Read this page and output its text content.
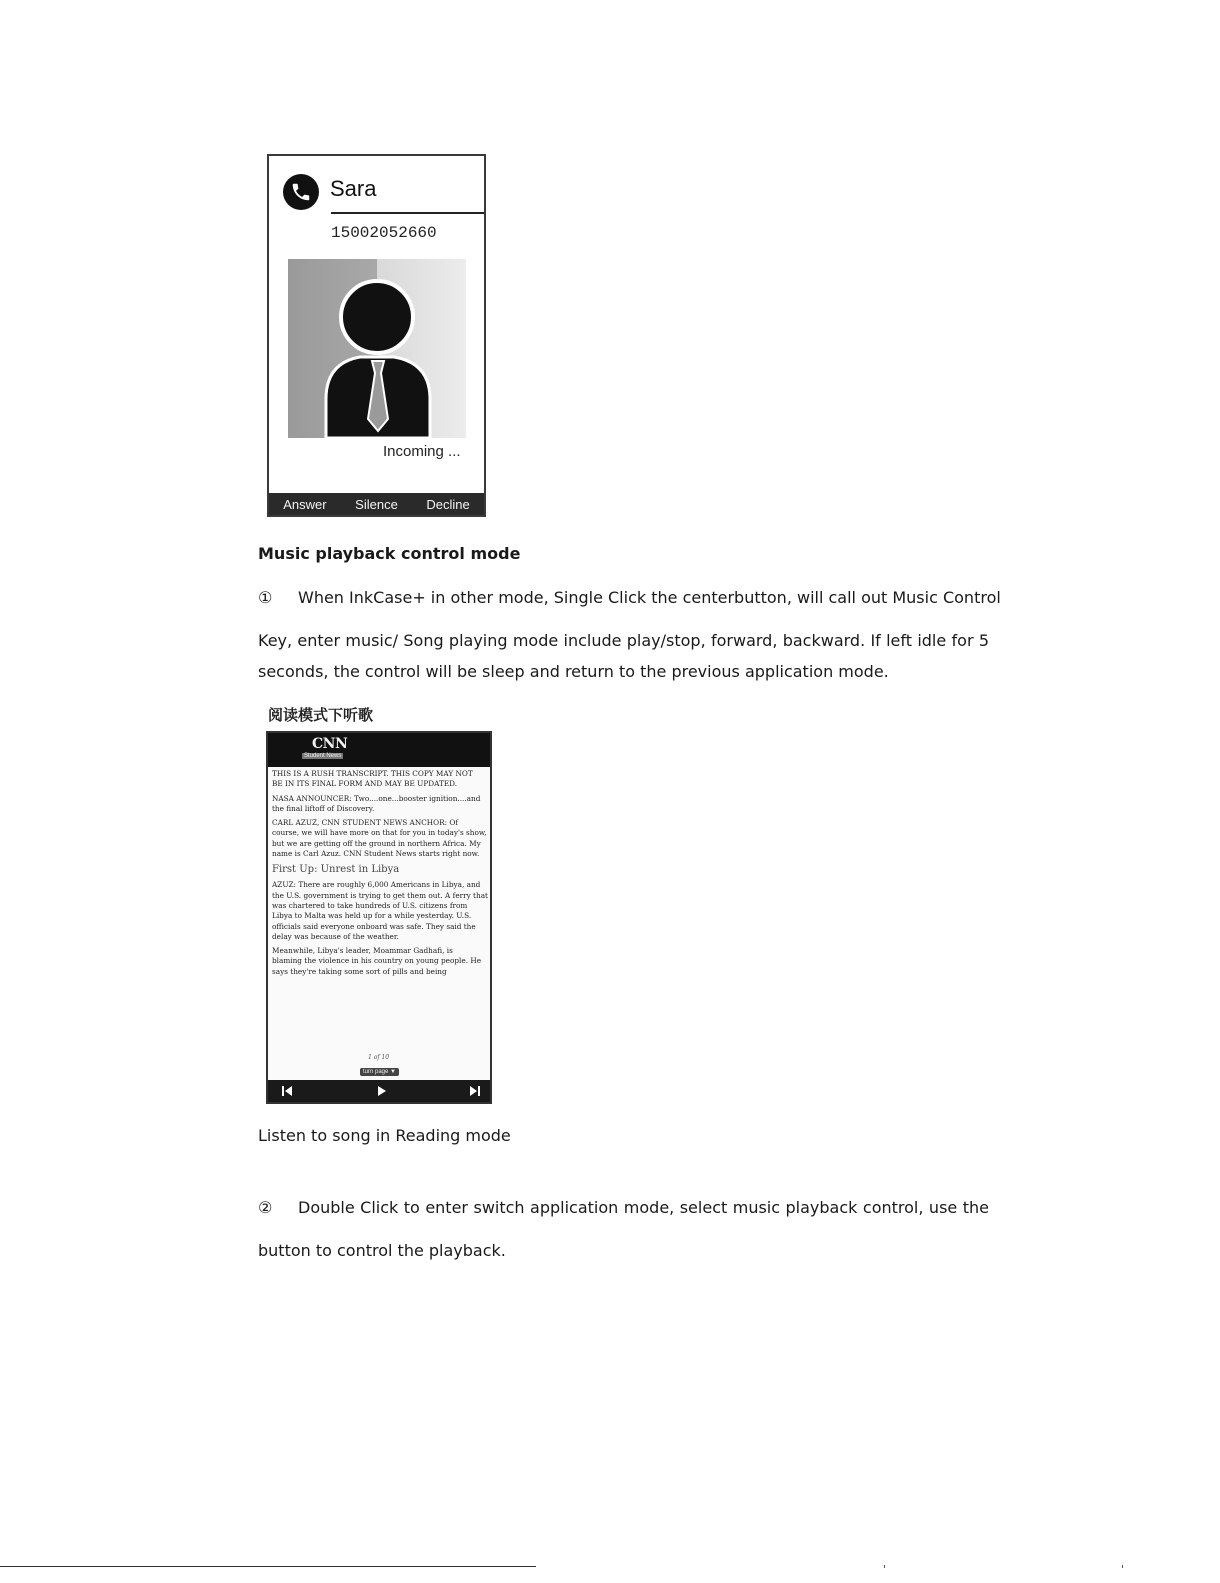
Sara
15002052660
Incoming ...
Answer Silence Decline
Music playback control mode
① When InkCase+ in other mode, Single Click the centerbutton, will call out Music Control
Key, enter music/ Song playing mode include play/stop, forward, backward. If left idle for 5
seconds, the control will be sleep and return to the previous application mode.
阅读模式下听歌
CNN
Student News

THIS IS A RUSH TRANSCRIPT. THIS COPY MAY NOT
BE IN ITS FINAL FORM AND MAY BE UPDATED.

NASA ANNOUNCER: Two....one...booster ignition....and
the final liftoff of Discovery.

CARL AZUZ, CNN STUDENT NEWS ANCHOR: Of
course, we will have more on that for you in today's show,
but we are getting off the ground in northern Africa. My
name is Carl Azuz. CNN Student News starts right now.

First Up: Unrest in Libya

AZUZ: There are roughly 6,000 Americans in Libya, and
the U.S. government is trying to get them out. A ferry that
was chartered to take hundreds of U.S. citizens from
Libya to Malta was held up for a while yesterday. U.S.
officials said everyone onboard was safe. They said the
delay was because of the weather.

Meanwhile, Libya's leader, Moammar Gadhafi, is
blaming the violence in his country on young people. He
says they're taking some sort of pills and being

1 of 10
turn page ▼
Listen to song in Reading mode
② Double Click to enter switch application mode, select music playback control, use the
button to control the playback.
